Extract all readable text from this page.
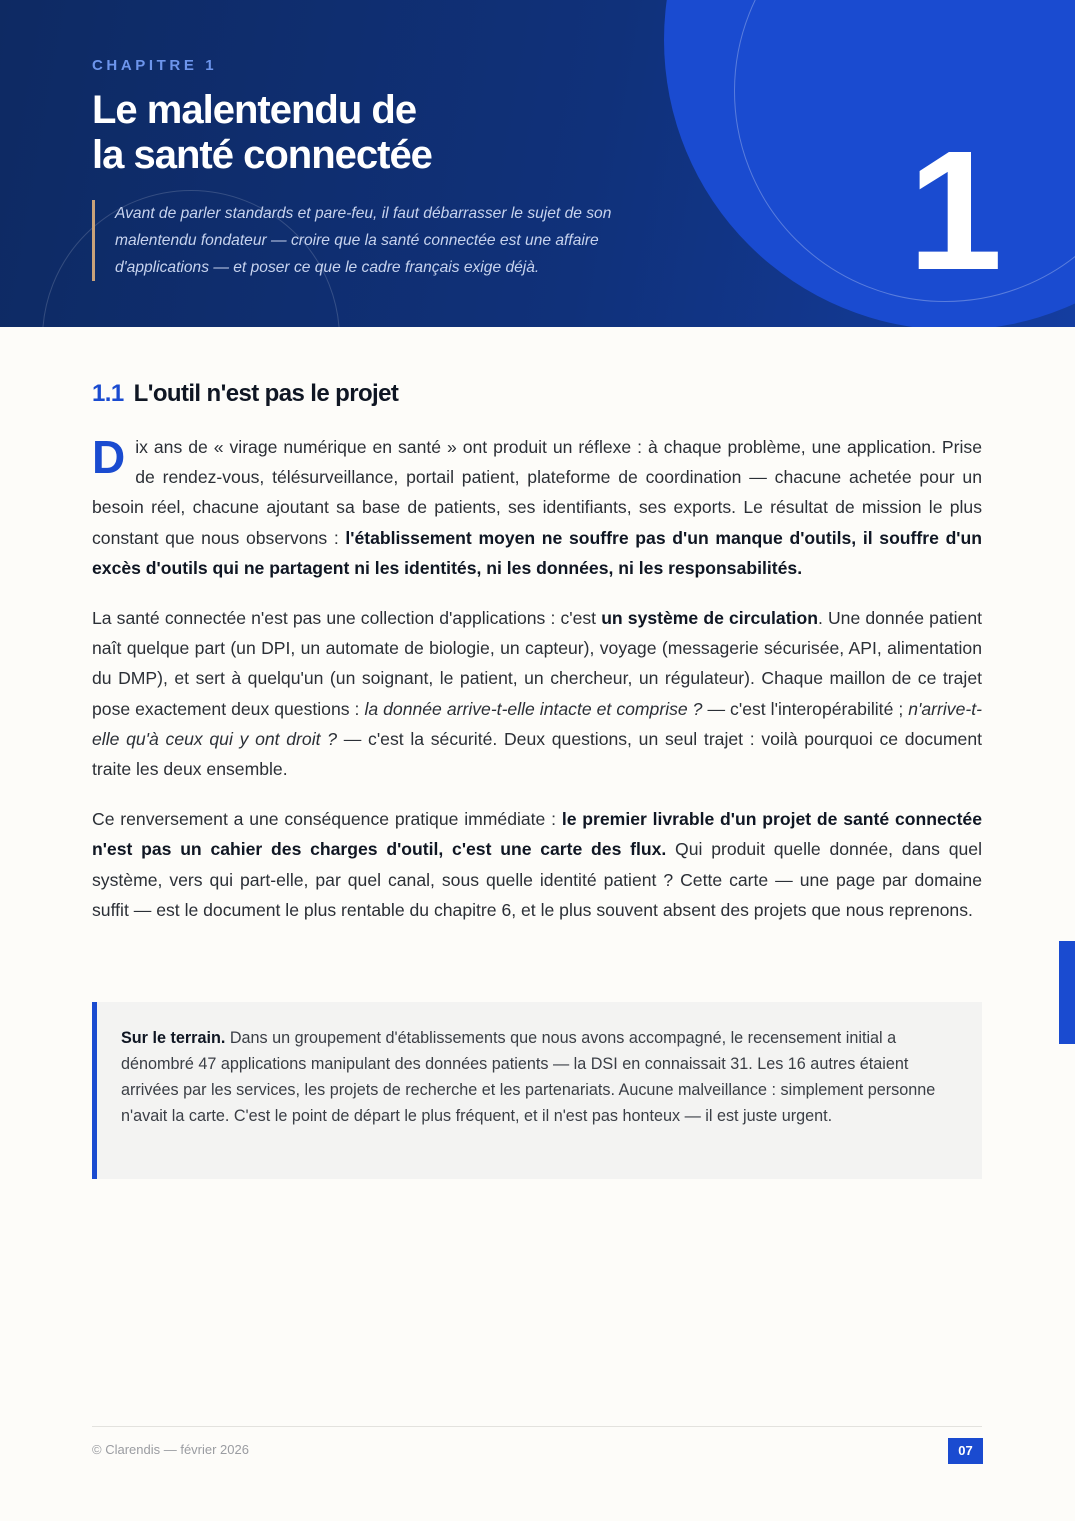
CHAPITRE 1
Le malentendu de
la santé connectée	1
Avant de parler standards et pare-feu, il faut débarrasser le sujet de son malentendu fondateur — croire que la santé connectée est une affaire d'applications — et poser ce que le cadre français exige déjà.
1.1 L'outil n'est pas le projet

Dix ans de « virage numérique en santé » ont produit un réflexe : à chaque problème, une application. Prise de rendez-vous, télésurveillance, portail patient, plateforme de coordination — chacune achetée pour un besoin réel, chacune ajoutant sa base de patients, ses identifiants, ses exports. Le résultat de mission le plus constant que nous observons : l'établissement moyen ne souffre pas d'un manque d'outils, il souffre d'un excès d'outils qui ne partagent ni les identités, ni les données, ni les responsabilités.

La santé connectée n'est pas une collection d'applications : c'est un système de circulation. Une donnée patient naît quelque part (un DPI, un automate de biologie, un capteur), voyage (messagerie sécurisée, API, alimentation du DMP), et sert à quelqu'un (un soignant, le patient, un chercheur, un régulateur). Chaque maillon de ce trajet pose exactement deux questions : la donnée arrive-t-elle intacte et comprise ? — c'est l'interopérabilité ; n'arrive-t-elle qu'à ceux qui y ont droit ? — c'est la sécurité. Deux questions, un seul trajet : voilà pourquoi ce document traite les deux ensemble.

Ce renversement a une conséquence pratique immédiate : le premier livrable d'un projet de santé connectée n'est pas un cahier des charges d'outil, c'est une carte des flux. Qui produit quelle donnée, dans quel système, vers qui part-elle, par quel canal, sous quelle identité patient ? Cette carte — une page par domaine suffit — est le document le plus rentable du chapitre 6, et le plus souvent absent des projets que nous reprenons.

Sur le terrain. Dans un groupement d'établissements que nous avons accompagné, le recensement initial a dénombré 47 applications manipulant des données patients — la DSI en connaissait 31. Les 16 autres étaient arrivées par les services, les projets de recherche et les partenariats. Aucune malveillance : simplement personne n'avait la carte. C'est le point de départ le plus fréquent, et il n'est pas honteux — il est juste urgent.
© Clarendis — février 2026	07
